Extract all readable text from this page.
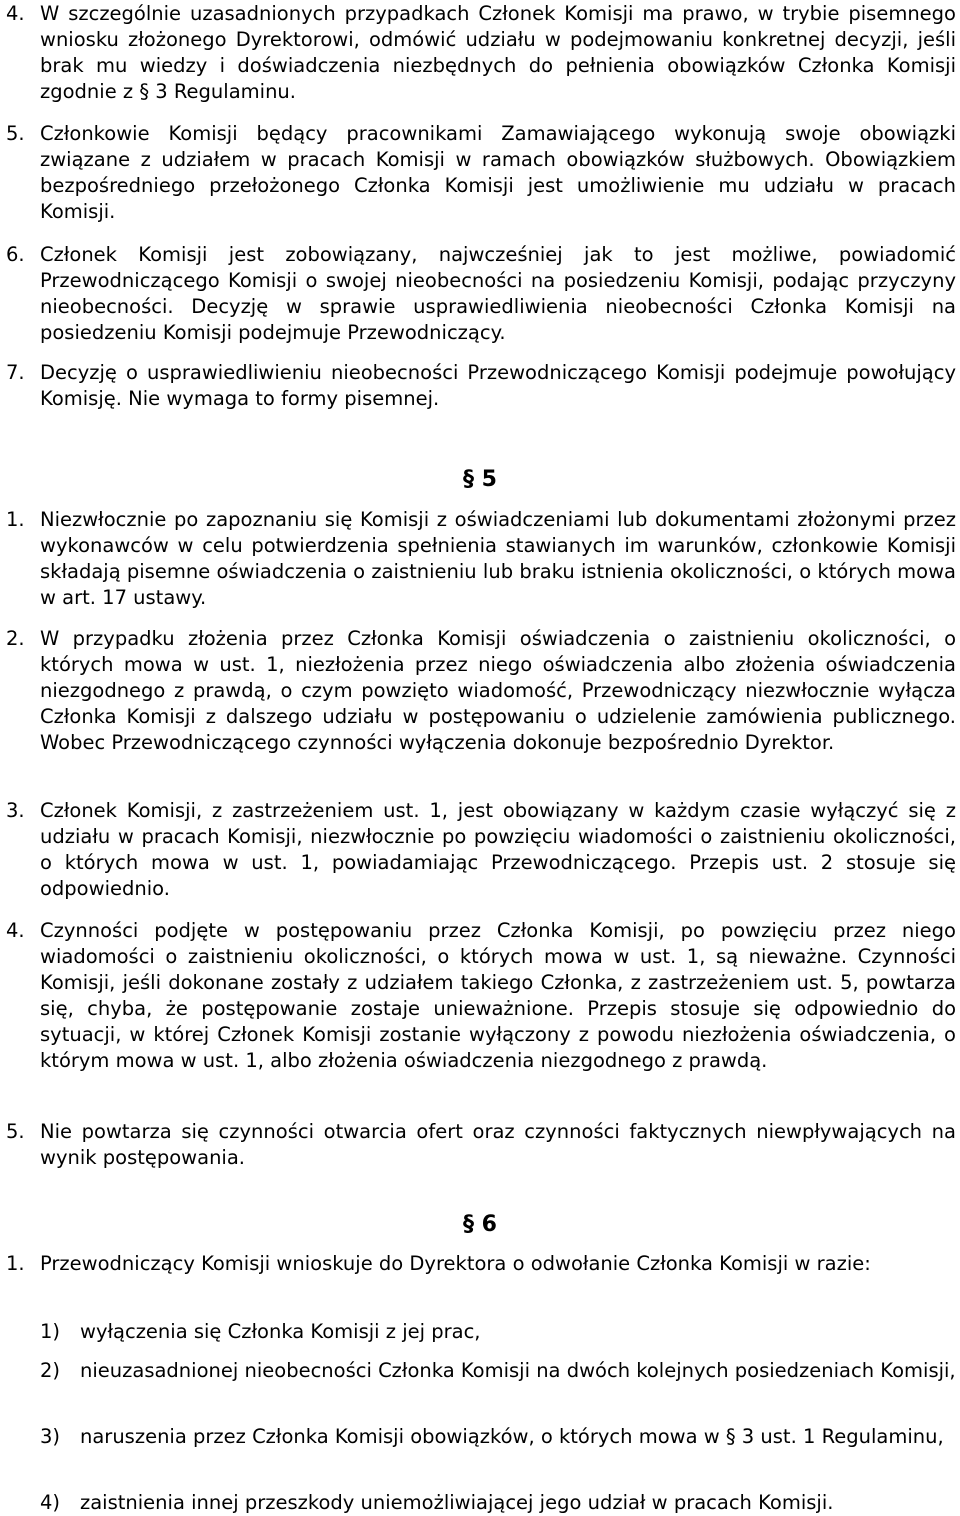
4. W szczególnie uzasadnionych przypadkach Członek Komisji ma prawo, w trybie pisemnego wniosku złożonego Dyrektorowi, odmówić udziału w podejmowaniu konkretnej decyzji, jeśli brak mu wiedzy i doświadczenia niezbędnych do pełnienia obowiązków Członka Komisji zgodnie z § 3 Regulaminu.
5. Członkowie Komisji będący pracownikami Zamawiającego wykonują swoje obowiązki związane z udziałem w pracach Komisji w ramach obowiązków służbowych. Obowiązkiem bezpośredniego przełożonego Członka Komisji jest umożliwienie mu udziału w pracach Komisji.
6. Członek Komisji jest zobowiązany, najwcześniej jak to jest możliwe, powiadomić Przewodniczącego Komisji o swojej nieobecności na posiedzeniu Komisji, podając przyczyny nieobecności. Decyzję w sprawie usprawiedliwienia nieobecności Członka Komisji na posiedzeniu Komisji podejmuje Przewodniczący.
7. Decyzję o usprawiedliwieniu nieobecności Przewodniczącego Komisji podejmuje powołujący Komisję. Nie wymaga to formy pisemnej.
§ 5
1. Niezwłocznie po zapoznaniu się Komisji z oświadczeniami lub dokumentami złożonymi przez wykonawców w celu potwierdzenia spełnienia stawianych im warunków, członkowie Komisji składają pisemne oświadczenia o zaistnieniu lub braku istnienia okoliczności, o których mowa w art. 17 ustawy.
2. W przypadku złożenia przez Członka Komisji oświadczenia o zaistnieniu okoliczności, o których mowa w ust. 1, niezłożenia przez niego oświadczenia albo złożenia oświadczenia niezgodnego z prawdą, o czym powzięto wiadomość, Przewodniczący niezwłocznie wyłącza Członka Komisji z dalszego udziału w postępowaniu o udzielenie zamówienia publicznego. Wobec Przewodniczącego czynności wyłączenia dokonuje bezpośrednio Dyrektor.
3. Członek Komisji, z zastrzeżeniem ust. 1, jest obowiązany w każdym czasie wyłączyć się z udziału w pracach Komisji, niezwłocznie po powzięciu wiadomości o zaistnieniu okoliczności, o których mowa w ust. 1, powiadamiając Przewodniczącego. Przepis ust. 2 stosuje się odpowiednio.
4. Czynności podjęte w postępowaniu przez Członka Komisji, po powzięciu przez niego wiadomości o zaistnieniu okoliczności, o których mowa w ust. 1, są nieważne. Czynności Komisji, jeśli dokonane zostały z udziałem takiego Członka, z zastrzeżeniem ust. 5, powtarza się, chyba, że postępowanie zostaje unieważnione. Przepis stosuje się odpowiednio do sytuacji, w której Członek Komisji zostanie wyłączony z powodu niezłożenia oświadczenia, o którym mowa w ust. 1, albo złożenia oświadczenia niezgodnego z prawdą.
5. Nie powtarza się czynności otwarcia ofert oraz czynności faktycznych niewpływających na wynik postępowania.
§ 6
1. Przewodniczący Komisji wnioskuje do Dyrektora o odwołanie Członka Komisji w razie:
1) wyłączenia się Członka Komisji z jej prac,
2) nieuzasadnionej nieobecności Członka Komisji na dwóch kolejnych posiedzeniach Komisji,
3) naruszenia przez Członka Komisji obowiązków, o których mowa w § 3 ust. 1 Regulaminu,
4) zaistnienia innej przeszkody uniemożliwiającej jego udział w pracach Komisji.
